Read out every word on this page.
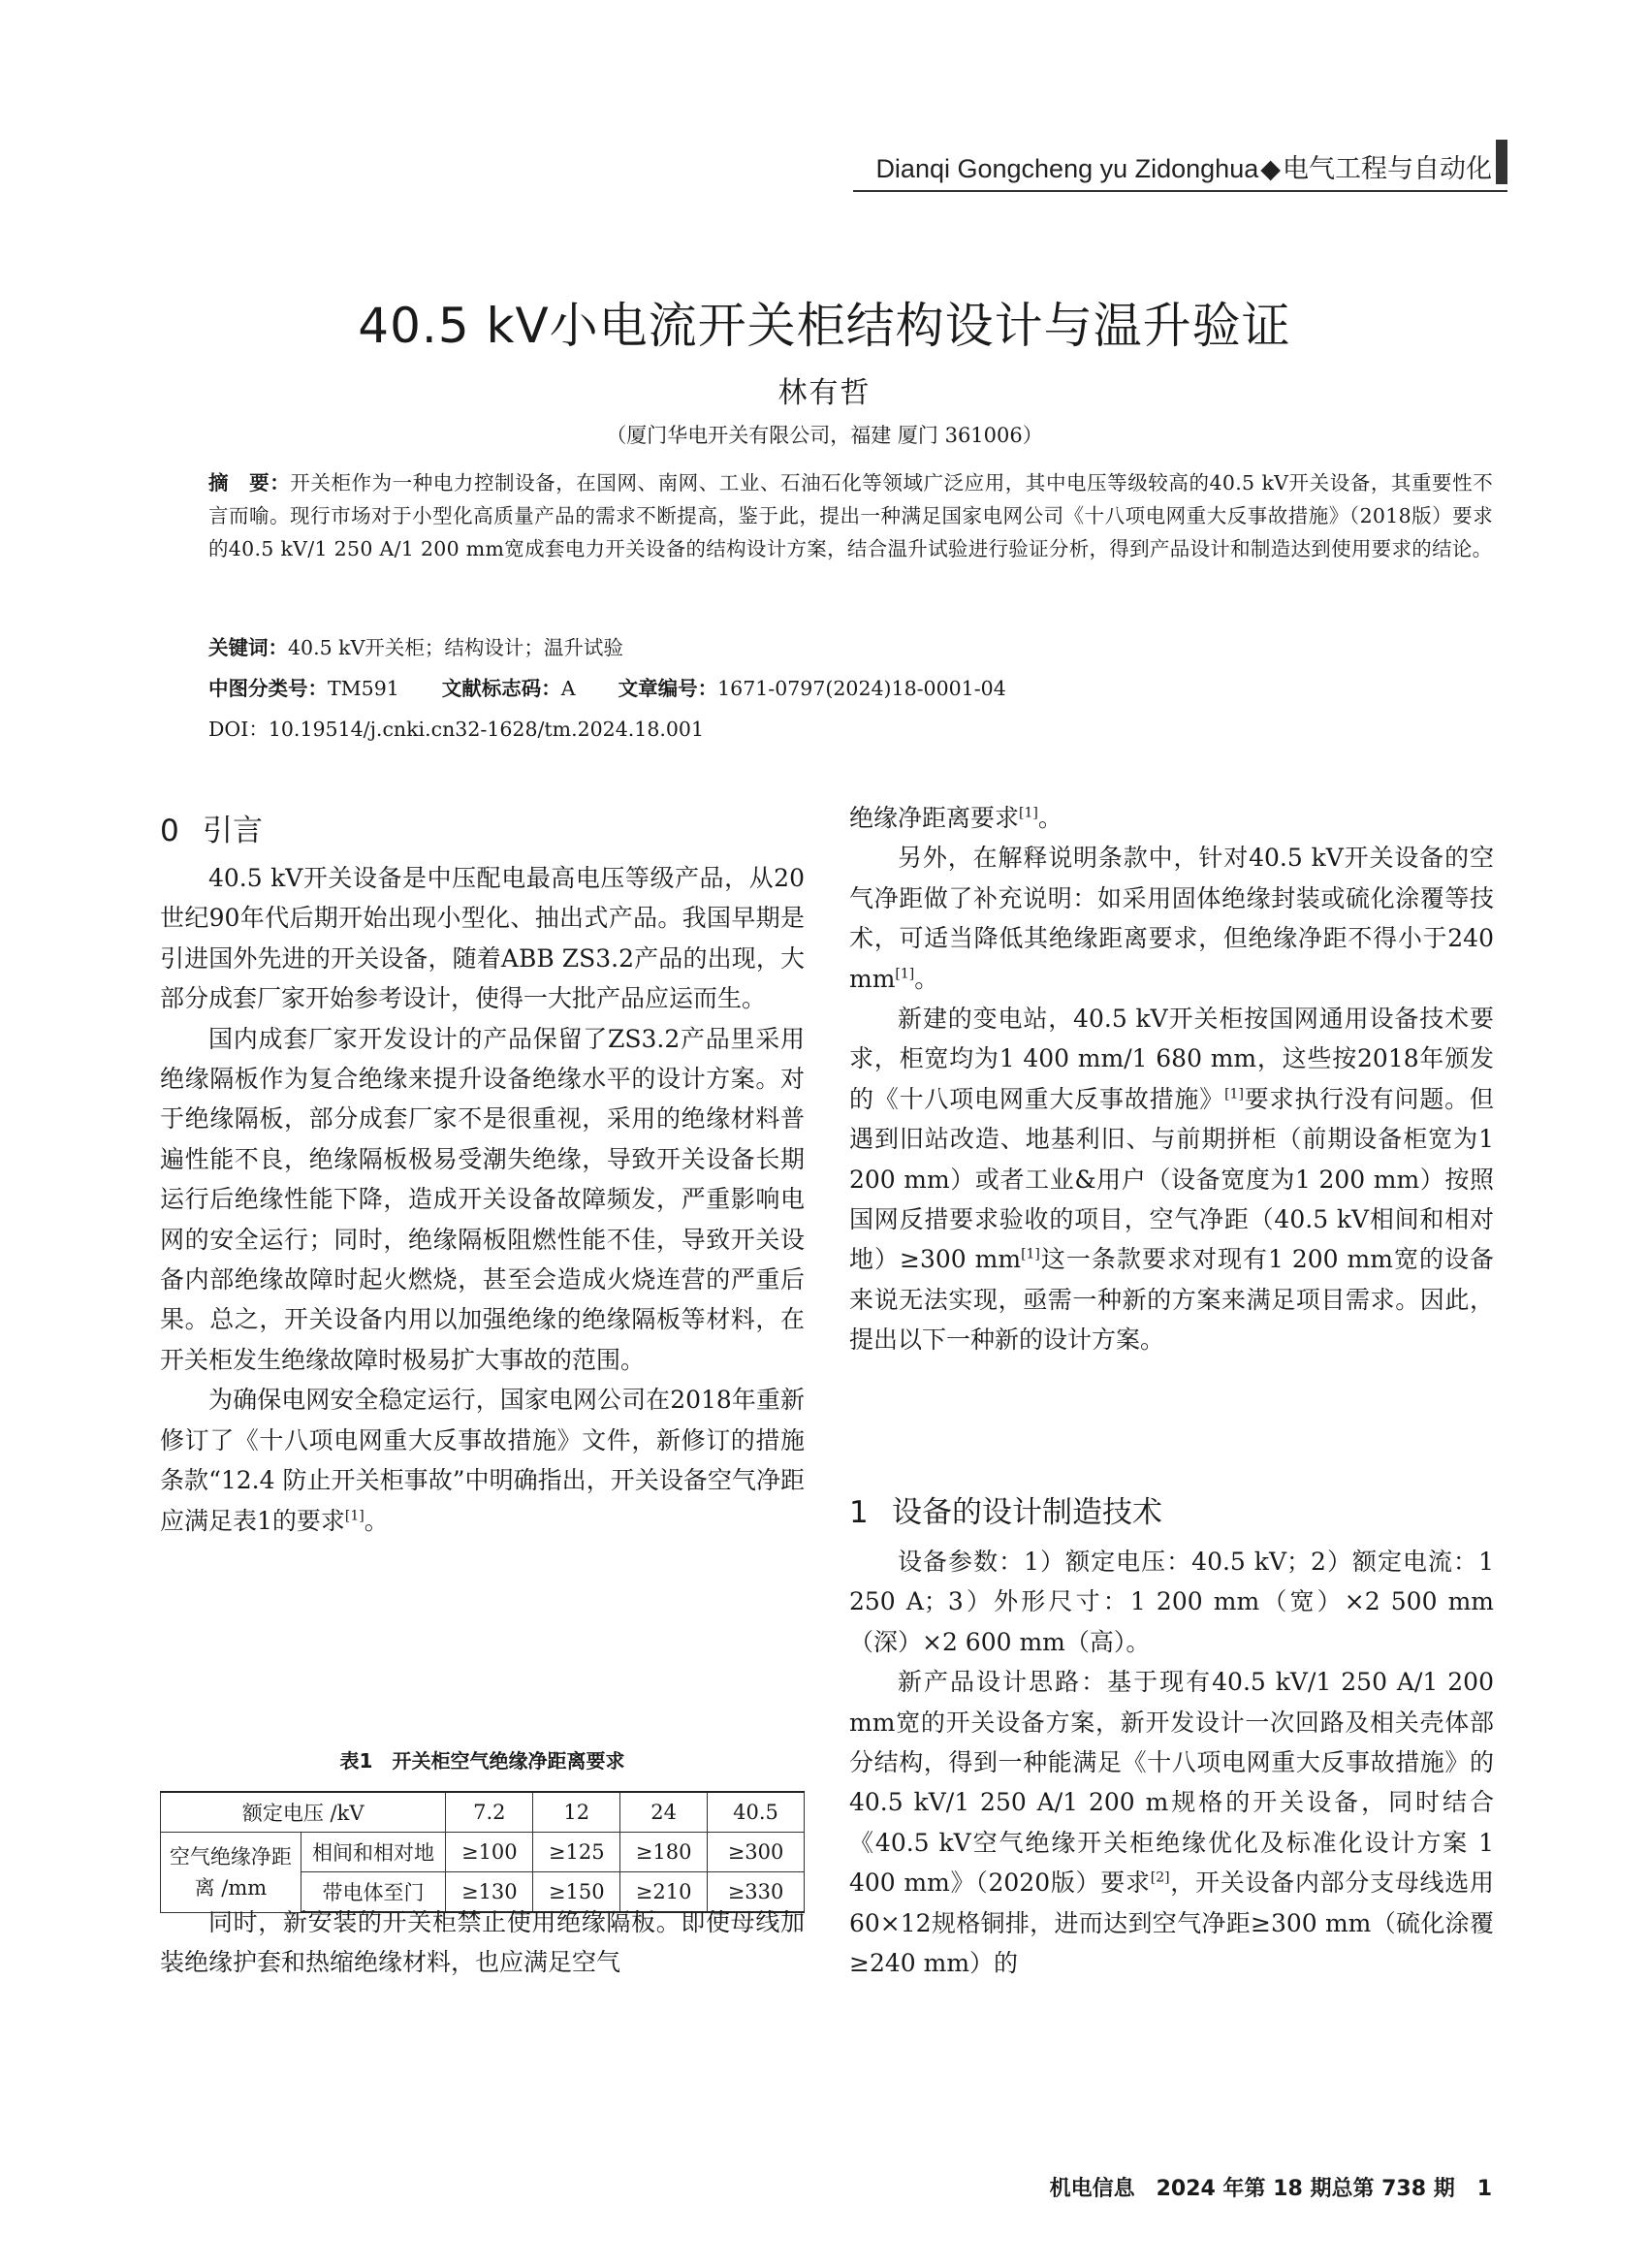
Dianqi Gongcheng yu Zidonghua◆电气工程与自动化
40.5 kV小电流开关柜结构设计与温升验证
林有哲
（厦门华电开关有限公司，福建 厦门 361006）
摘　要：开关柜作为一种电力控制设备，在国网、南网、工业、石油石化等领域广泛应用，其中电压等级较高的40.5 kV开关设备，其重要性不言而喻。现行市场对于小型化高质量产品的需求不断提高，鉴于此，提出一种满足国家电网公司《十八项电网重大反事故措施》（2018版）要求的40.5 kV/1 250 A/1 200 mm宽成套电力开关设备的结构设计方案，结合温升试验进行验证分析，得到产品设计和制造达到使用要求的结论。
关键词：40.5 kV开关柜；结构设计；温升试验
中图分类号：TM591 文献标志码：A 文章编号：1671-0797(2024)18-0001-04
DOI：10.19514/j.cnki.cn32-1628/tm.2024.18.001
0 引言

40.5 kV开关设备是中压配电最高电压等级产品，从20世纪90年代后期开始出现小型化、抽出式产品。我国早期是引进国外先进的开关设备，随着ABB ZS3.2产品的出现，大部分成套厂家开始参考设计，使得一大批产品应运而生。

国内成套厂家开发设计的产品保留了ZS3.2产品里采用绝缘隔板作为复合绝缘来提升设备绝缘水平的设计方案。对于绝缘隔板，部分成套厂家不是很重视，采用的绝缘材料普遍性能不良，绝缘隔板极易受潮失绝缘，导致开关设备长期运行后绝缘性能下降，造成开关设备故障频发，严重影响电网的安全运行；同时，绝缘隔板阻燃性能不佳，导致开关设备内部绝缘故障时起火燃烧，甚至会造成火烧连营的严重后果。总之，开关设备内用以加强绝缘的绝缘隔板等材料，在开关柜发生绝缘故障时极易扩大事故的范围。

为确保电网安全稳定运行，国家电网公司在2018年重新修订了《十八项电网重大反事故措施》文件，新修订的措施条款“12.4 防止开关柜事故”中明确指出，开关设备空气净距应满足表1的要求[1]。

表1　开关柜空气绝缘净距离要求
额定电压 /kV		7.2	12	24	40.5
空气绝缘净距离 /mm	相间和相对地	≥100	≥125	≥180	≥300
	带电体至门	≥130	≥150	≥210	≥330

同时，新安装的开关柜禁止使用绝缘隔板。即使母线加装绝缘护套和热缩绝缘材料，也应满足空气

绝缘净距离要求[1]。

另外，在解释说明条款中，针对40.5 kV开关设备的空气净距做了补充说明：如采用固体绝缘封装或硫化涂覆等技术，可适当降低其绝缘距离要求，但绝缘净距不得小于240 mm[1]。

新建的变电站，40.5 kV开关柜按国网通用设备技术要求，柜宽均为1 400 mm/1 680 mm，这些按2018年颁发的《十八项电网重大反事故措施》[1]要求执行没有问题。但遇到旧站改造、地基利旧、与前期拼柜（前期设备柜宽为1 200 mm）或者工业&用户（设备宽度为1 200 mm）按照国网反措要求验收的项目，空气净距（40.5 kV相间和相对地）≥300 mm[1]这一条款要求对现有1 200 mm宽的设备来说无法实现，亟需一种新的方案来满足项目需求。因此，提出以下一种新的设计方案。

1 设备的设计制造技术

设备参数：1）额定电压：40.5 kV；2）额定电流：1 250 A；3）外形尺寸：1 200 mm（宽）×2 500 mm（深）×2 600 mm（高）。

新产品设计思路：基于现有40.5 kV/1 250 A/1 200 mm宽的开关设备方案，新开发设计一次回路及相关壳体部分结构，得到一种能满足《十八项电网重大反事故措施》的40.5 kV/1 250 A/1 200 m规格的开关设备，同时结合《40.5 kV空气绝缘开关柜绝缘优化及标准化设计方案 1 400 mm》（2020版）要求[2]，开关设备内部分支母线选用60×12规格铜排，进而达到空气净距≥300 mm（硫化涂覆≥240 mm）的

机电信息　2024 年第 18 期总第 738 期 1
